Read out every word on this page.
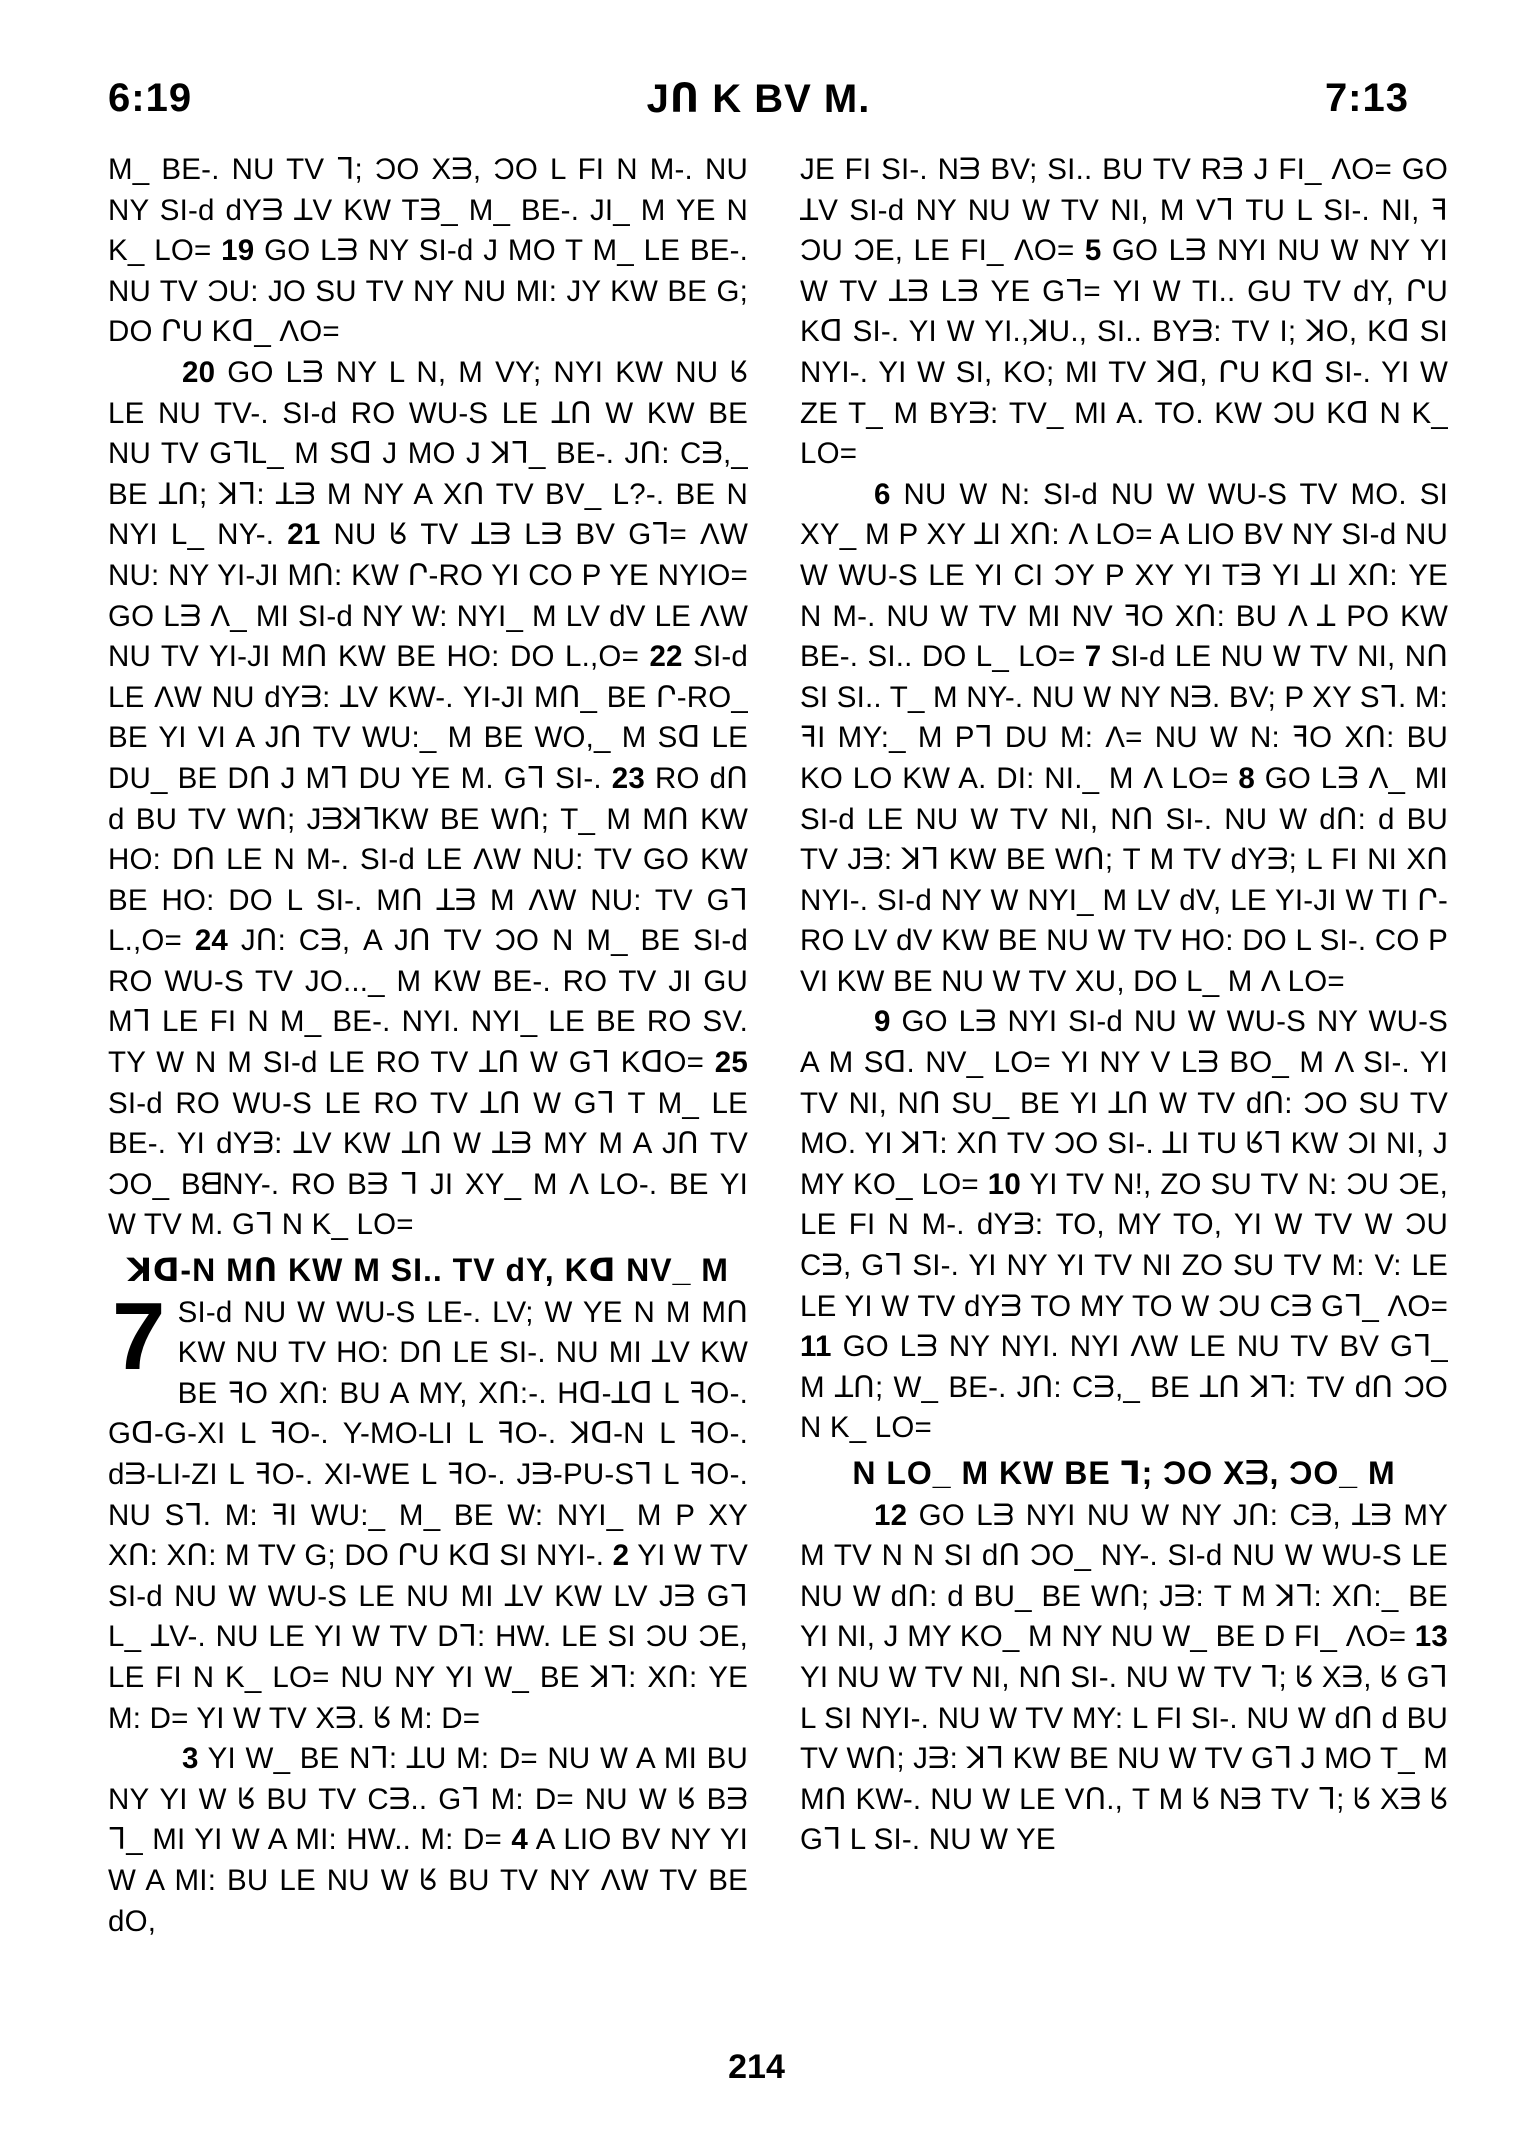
6:19	JՈ K BV M.	7:13

M_ BE-. NU TV ᒣ; ƆO Xᗱ, ƆO L FI N M-. NU NY SI-d dYᗱ ꓕV KW Tᗱ_ M_ BE-. JI_ M YE N K_ LO= 19 GO Lᗱ NY SI-d J MO T M_ LE BE-. NU TV ƆU: JO SU TV NY NU MI: JY KW BE G; DO ՐU Kᗡ_ ΛO=

20 GO Lᗱ NY L N, M VY; NYI KW NU ᖉ LE NU TV-. SI-d RO WU-S LE ꓕՈ W KW BE NU TV GᒣL_ M Sᗡ J MO J ꓘᒣ_ BE-. JՈ: Cᗱ,_ BE ꓕՈ; ꓘᒣ: ꓕᗱ M NY A XՈ TV BV_ L?-. BE N NYI L_ NY-. 21 NU ᖉ TV ꓕᗱ Lᗱ BV Gᒣ= ΛW NU: NY YI-JI MՈ: KW Ր-RO YI CO P YE NYIO= GO Lᗱ Λ_ MI SI-d NY W: NYI_ M LV dV LE ΛW NU TV YI-JI MՈ KW BE HO: DO L.,O= 22 SI-d LE ΛW NU dYᗱ: ꓕV KW-. YI-JI MՈ_ BE Ր-RO_ BE YI VI A JՈ TV WU:_ M BE WO,_ M Sᗡ LE DU_ BE DՈ J Mᒣ DU YE M. Gᒣ SI-. 23 RO dՈ d BU TV WՈ; JᗱꓘᒣKW BE WՈ; T_ M MՈ KW HO: DՈ LE N M-. SI-d LE ΛW NU: TV GO KW BE HO: DO L SI-. MՈ ꓕᗱ M ΛW NU: TV Gᒣ L.,O= 24 JՈ: Cᗱ, A JՈ TV ƆO N M_ BE SI-d RO WU-S TV JO..._ M KW BE-. RO TV JI GU Mᒣ LE FI N M_ BE-. NYI. NYI_ LE BE RO SV. TY W N M SI-d LE RO TV ꓕՈ W Gᒣ KᗡO= 25 SI-d RO WU-S LE RO TV ꓕՈ W Gᒣ T M_ LE BE-. YI dYᗱ: ꓕV KW ꓕՈ W ꓕᗱ MY M A JՈ TV ƆO_ BᗺNY-. RO Bᗱ ᒣ JI XY_ M Λ LO-. BE YI W TV M. Gᒣ N K_ LO=

ꓘᗡ-N MՈ KW M SI.. TV dY, Kᗡ NV_ M

7 SI-d NU W WU-S LE-. LV; W YE N M MՈ KW NU TV HO: DՈ LE SI-. NU MI ꓕV KW BE ꟻO XՈ: BU A MY, XՈ:-. Hᗡ-ꓕᗡ L ꟻO-. Gᗡ-G-XI L ꟻO-. Y-MO-LI L ꟻO-. ꓘᗡ-N L ꟻO-. dᗱ-LI-ZI L ꟻO-. XI-WE L ꟻO-. Jᗱ-PU-Sᒣ L ꟻO-. NU Sᒣ. M: ꟻI WU:_ M_ BE W: NYI_ M P XY XՈ: XՈ: M TV G; DO ՐU Kᗡ SI NYI-. 2 YI W TV SI-d NU W WU-S LE NU MI ꓕV KW LV Jᗱ Gᒣ L_ ꓕV-. NU LE YI W TV Dᒣ: HW. LE SI ƆU ƆE, LE FI N K_ LO= NU NY YI W_ BE ꓘᒣ: XՈ: YE M: D= YI W TV Xᗱ. ᖉ M: D=

3 YI W_ BE Nᒣ: ꓕU M: D= NU W A MI BU NY YI W ᖉ BU TV Cᗱ.. Gᒣ M: D= NU W ᖉ Bᗱ ᒣ_ MI YI W A MI: HW.. M: D= 4 A LIO BV NY YI W A MI: BU LE NU W ᖉ BU TV NY ΛW TV BE dO,

JE FI SI-. Nᗱ BV; SI.. BU TV Rᗱ J FI_ ΛO= GO ꓕV SI-d NY NU W TV NI, M Vᒣ TU L SI-. NI, ꟻ ƆU ƆE, LE FI_ ΛO= 5 GO Lᗱ NYI NU W NY YI W TV ꓕᗱ Lᗱ YE Gᒣ= YI W TI.. GU TV dY, ՐU Kᗡ SI-. YI W YI.,ꓘU., SI.. BYᗱ: TV I; ꓘO, Kᗡ SI NYI-. YI W SI, KO; MI TV ꓘᗡ, ՐU Kᗡ SI-. YI W ZE T_ M BYᗱ: TV_ MI A. TO. KW ƆU Kᗡ N K_ LO=

6 NU W N: SI-d NU W WU-S TV MO. SI XY_ M P XY ꓕI XՈ: Λ LO= A LIO BV NY SI-d NU W WU-S LE YI CI ƆY P XY YI Tᗱ YI ꓕI XՈ: YE N M-. NU W TV MI NV ꟻO XՈ: BU Λ ꓕ PO KW BE-. SI.. DO L_ LO= 7 SI-d LE NU W TV NI, NՈ SI SI.. T_ M NY-. NU W NY Nᗱ. BV; P XY Sᒣ. M: ꟻI MY:_ M Pᒣ DU M: Λ= NU W N: ꟻO XՈ: BU KO LO KW A. DI: NI._ M Λ LO= 8 GO Lᗱ Λ_ MI SI-d LE NU W TV NI, NՈ SI-. NU W dՈ: d BU TV Jᗱ: ꓘᒣ KW BE WՈ; T M TV dYᗱ; L FI NI XՈ NYI-. SI-d NY W NYI_ M LV dV, LE YI-JI W TI Ր-RO LV dV KW BE NU W TV HO: DO L SI-. CO P VI KW BE NU W TV XU, DO L_ M Λ LO=

9 GO Lᗱ NYI SI-d NU W WU-S NY WU-S A M Sᗡ. NV_ LO= YI NY V Lᗱ BO_ M Λ SI-. YI TV NI, NՈ SU_ BE YI ꓕՈ W TV dՈ: ƆO SU TV MO. YI ꓘᒣ: XՈ TV ƆO SI-. ꓕI TU ᖉᒣ KW ƆI NI, J MY KO_ LO= 10 YI TV N!, ZO SU TV N: ƆU ƆE, LE FI N M-. dYᗱ: TO, MY TO, YI W TV W ƆU Cᗱ, Gᒣ SI-. YI NY YI TV NI ZO SU TV M: V: LE LE YI W TV dYᗱ TO MY TO W ƆU Cᗱ Gᒣ_ ΛO= 11 GO Lᗱ NY NYI. NYI ΛW LE NU TV BV Gᒣ_ M ꓕՈ; W_ BE-. JՈ: Cᗱ,_ BE ꓕՈ ꓘᒣ: TV dՈ ƆO N K_ LO=

N LO_ M KW BE ᒣ; ƆO Xᗱ, ƆO_ M

12 GO Lᗱ NYI NU W NY JՈ: Cᗱ, ꓕᗱ MY M TV N N SI dՈ ƆO_ NY-. SI-d NU W WU-S LE NU W dՈ: d BU_ BE WՈ; Jᗱ: T M ꓘᒣ: XՈ:_ BE YI NI, J MY KO_ M NY NU W_ BE D FI_ ΛO= 13 YI NU W TV NI, NՈ SI-. NU W TV ᒣ; ᖉ Xᗱ, ᖉ Gᒣ L SI NYI-. NU W TV MY: L FI SI-. NU W dՈ d BU TV WՈ; Jᗱ: ꓘᒣ KW BE NU W TV Gᒣ J MO T_ M MՈ KW-. NU W LE VՈ., T M ᖉ Nᗱ TV ᒣ; ᖉ Xᗱ ᖉ Gᒣ L SI-. NU W YE

214
